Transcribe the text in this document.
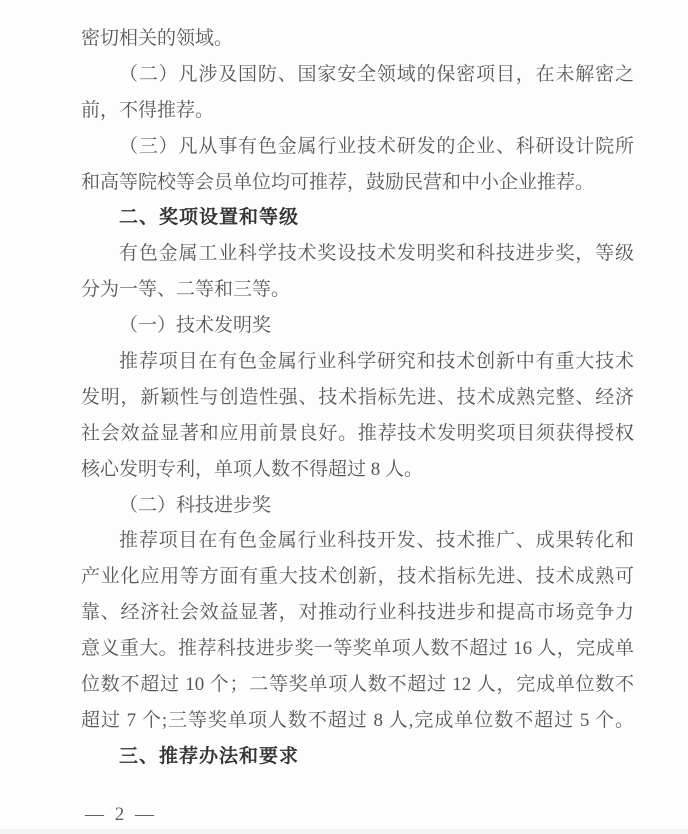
密切相关的领域。
（二）凡涉及国防、国家安全领域的保密项目，在未解密之
前，不得推荐。
（三）凡从事有色金属行业技术研发的企业、科研设计院所
和高等院校等会员单位均可推荐，鼓励民营和中小企业推荐。
二、奖项设置和等级
有色金属工业科学技术奖设技术发明奖和科技进步奖，等级
分为一等、二等和三等。
（一）技术发明奖
推荐项目在有色金属行业科学研究和技术创新中有重大技术
发明，新颖性与创造性强、技术指标先进、技术成熟完整、经济
社会效益显著和应用前景良好。推荐技术发明奖项目须获得授权
核心发明专利，单项人数不得超过 8 人。
（二）科技进步奖
推荐项目在有色金属行业科技开发、技术推广、成果转化和
产业化应用等方面有重大技术创新，技术指标先进、技术成熟可
靠、经济社会效益显著，对推动行业科技进步和提高市场竞争力
意义重大。推荐科技进步奖一等奖单项人数不超过 16 人，完成单
位数不超过 10 个；二等奖单项人数不超过 12 人，完成单位数不
超过 7 个;三等奖单项人数不超过 8 人,完成单位数不超过 5 个。
三、推荐办法和要求
— 2 —
